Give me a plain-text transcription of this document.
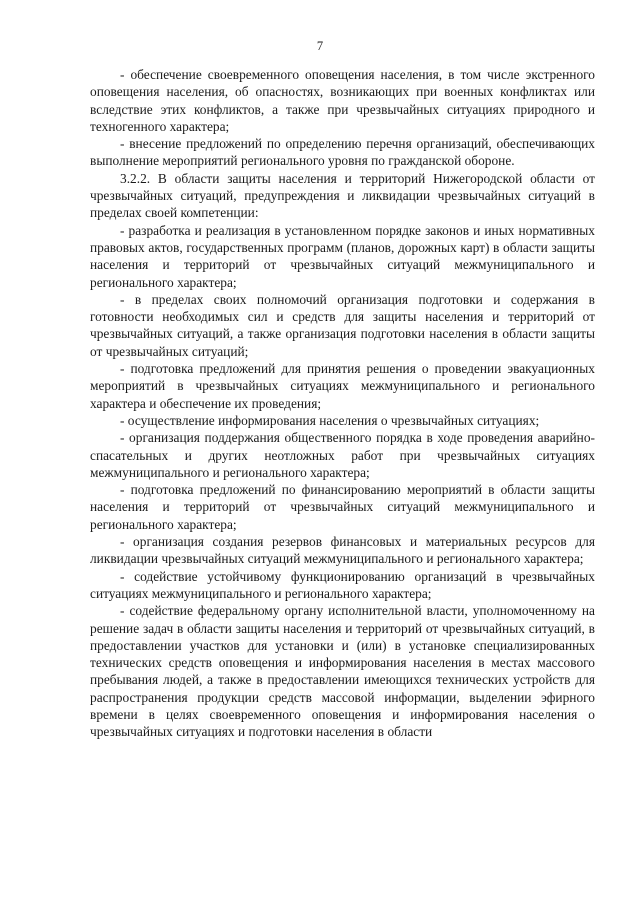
7

- обеспечение своевременного оповещения населения, в том числе экстренного оповещения населения, об опасностях, возникающих при военных конфликтах или вследствие этих конфликтов, а также при чрезвычайных ситуациях природного и техногенного характера;

- внесение предложений по определению перечня организаций, обеспечивающих выполнение мероприятий регионального уровня по гражданской обороне.

3.2.2. В области защиты населения и территорий Нижегородской области от чрезвычайных ситуаций, предупреждения и ликвидации чрезвычайных ситуаций в пределах своей компетенции:

- разработка и реализация в установленном порядке законов и иных нормативных правовых актов, государственных программ (планов, дорожных карт) в области защиты населения и территорий от чрезвычайных ситуаций межмуниципального и регионального характера;

- в пределах своих полномочий организация подготовки и содержания в готовности необходимых сил и средств для защиты населения и территорий от чрезвычайных ситуаций, а также организация подготовки населения в области защиты от чрезвычайных ситуаций;

- подготовка предложений для принятия решения о проведении эвакуационных мероприятий в чрезвычайных ситуациях межмуниципального и регионального характера и обеспечение их проведения;

- осуществление информирования населения о чрезвычайных ситуациях;

- организация поддержания общественного порядка в ходе проведения аварийно-спасательных и других неотложных работ при чрезвычайных ситуациях межмуниципального и регионального характера;

- подготовка предложений по финансированию мероприятий в области защиты населения и территорий от чрезвычайных ситуаций межмуниципального и регионального характера;

- организация создания резервов финансовых и материальных ресурсов для ликвидации чрезвычайных ситуаций межмуниципального и регионального характера;

- содействие устойчивому функционированию организаций в чрезвычайных ситуациях межмуниципального и регионального характера;

- содействие федеральному органу исполнительной власти, уполномоченному на решение задач в области защиты населения и территорий от чрезвычайных ситуаций, в предоставлении участков для установки и (или) в установке специализированных технических средств оповещения и информирования населения в местах массового пребывания людей, а также в предоставлении имеющихся технических устройств для распространения продукции средств массовой информации, выделении эфирного времени в целях своевременного оповещения и информирования населения о чрезвычайных ситуациях и подготовки населения в области
